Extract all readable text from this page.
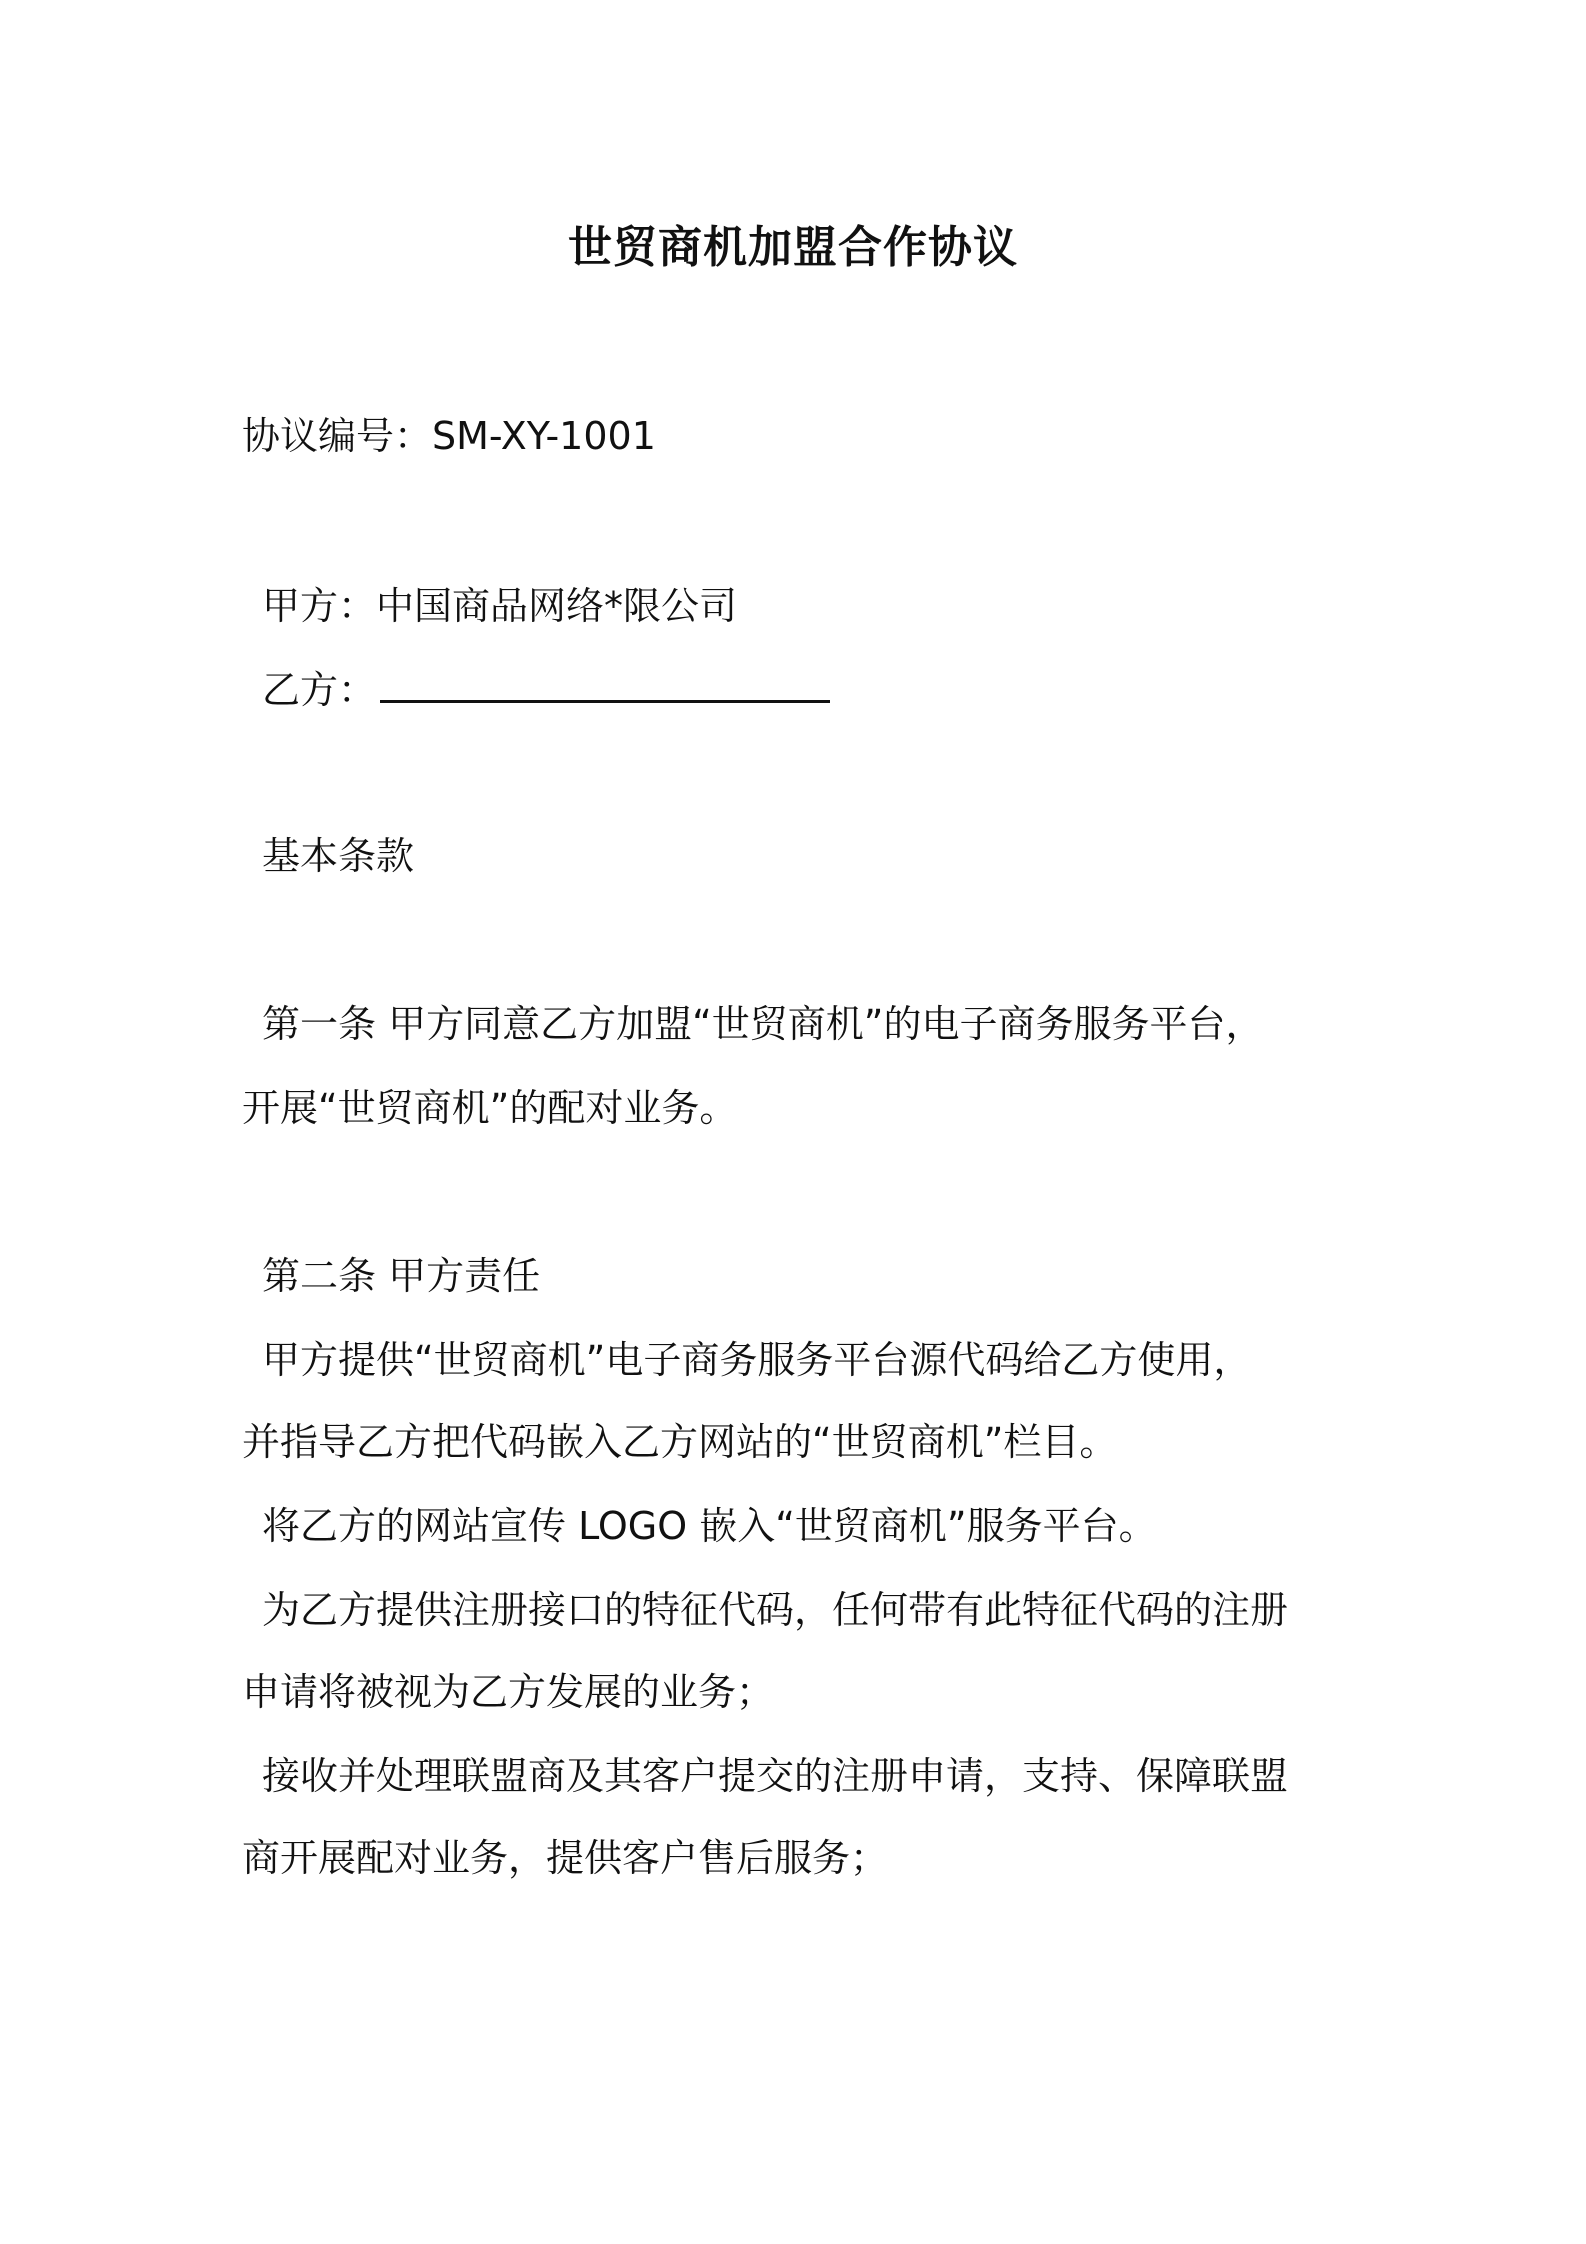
世贸商机加盟合作协议
协议编号：SM-XY-1001
甲方：中国商品网络*限公司
乙方：
基本条款
第一条 甲方同意乙方加盟“世贸商机”的电子商务服务平台，
开展“世贸商机”的配对业务。
第二条 甲方责任
甲方提供“世贸商机”电子商务服务平台源代码给乙方使用，
并指导乙方把代码嵌入乙方网站的“世贸商机”栏目。
将乙方的网站宣传 LOGO 嵌入“世贸商机”服务平台。
为乙方提供注册接口的特征代码，任何带有此特征代码的注册
申请将被视为乙方发展的业务；
接收并处理联盟商及其客户提交的注册申请，支持、保障联盟
商开展配对业务，提供客户售后服务；
